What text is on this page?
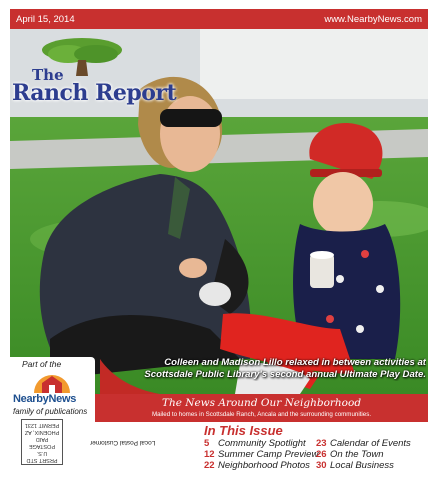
April 15, 2014	www.NearbyNews.com
The
Ranch Report
Colleen and Madison Lillo relaxed in between activities at
Scottsdale Public Library's second annual Ultimate Play Date.
Part of the
NearbyNews
family of publications
The News Around Our Neighborhood
Mailed to homes in Scottsdale Ranch, Ancala and the surrounding communities.
PRSRT STD
U.S. POSTAGE
PAID
PHOENIX, AZ
PERMIT 1231
Local Postal Customer
In This Issue
5 Community Spotlight
12 Summer Camp Preview
22 Neighborhood Photos
23 Calendar of Events
26 On the Town
30 Local Business
